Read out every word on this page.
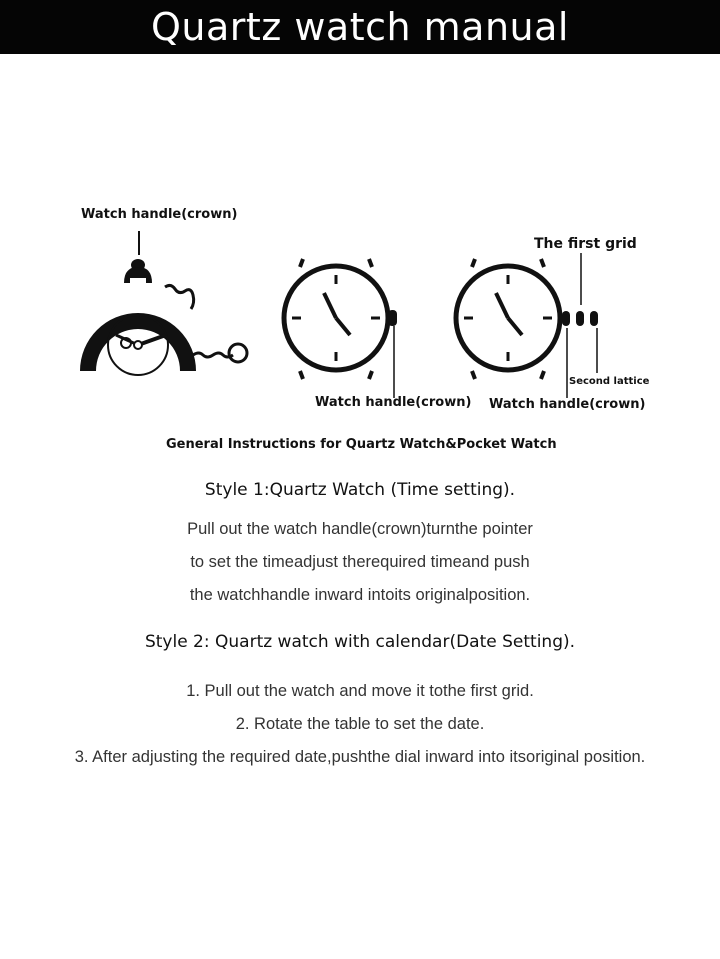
Quartz watch manual
Watch handle(crown)
The first grid
Watch handle(crown) Watch handle(crown)
Second lattice
General Instructions for Quartz Watch&Pocket Watch
Style 1:Quartz Watch (Time setting).
Pull out the watch handle(crown)turnthe pointer
to set the timeadjust therequired timeand push
the watchhandle inward intoits originalposition.
Style 2: Quartz watch with calendar(Date Setting).
1. Pull out the watch and move it tothe first grid.
2. Rotate the table to set the date.
3. After adjusting the required date,pushthe dial inward into itsoriginal position.
